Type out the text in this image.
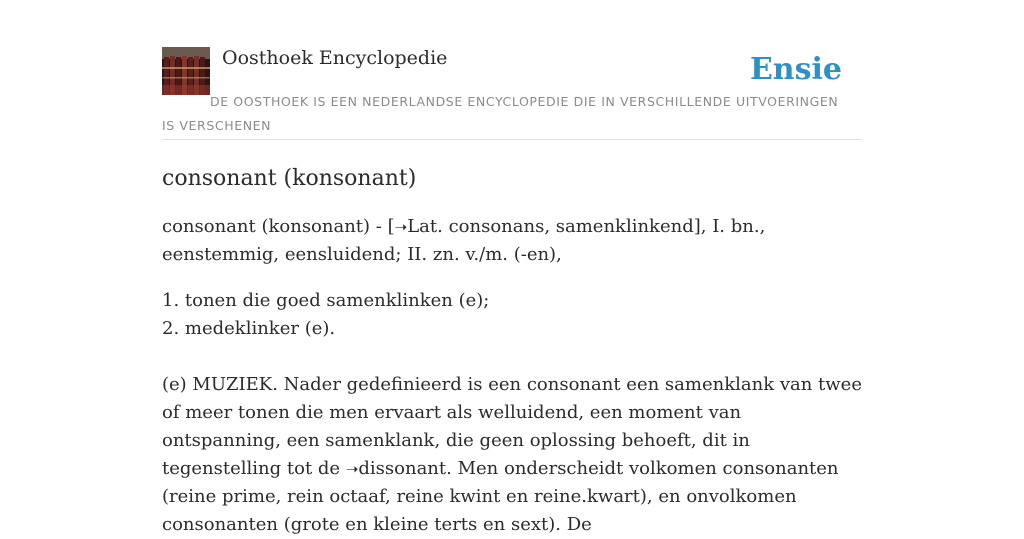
Oosthoek Encyclopedie	Ensie
DE OOSTHOEK IS EEN NEDERLANDSE ENCYCLOPEDIE DIE IN VERSCHILLENDE UITVOERINGEN IS VERSCHENEN
consonant (konsonant)

consonant (konsonant) - [➝Lat. consonans, samenklinkend], I. bn., eenstemmig, eensluidend; II. zn. v./m. (-en),

1. tonen die goed samenklinken (e);
2. medeklinker (e).

(e) MUZIEK. Nader gedefinieerd is een consonant een samenklank van twee of meer tonen die men ervaart als welluidend, een moment van ontspanning, een samenklank, die geen oplossing behoeft, dit in tegenstelling tot de ➝dissonant. Men onderscheidt volkomen consonanten (reine prime, rein octaaf, reine kwint en reine.kwart), en onvolkomen consonanten (grote en kleine terts en sext). De
